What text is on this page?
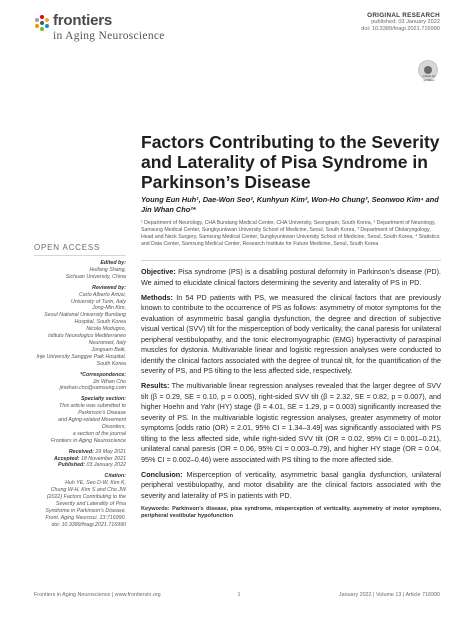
frontiers
in Aging Neuroscience
ORIGINAL RESEARCH
published: 03 January 2022
doi: 10.3389/fnagi.2021.716990
Check for updates
Factors Contributing to the Severity and Laterality of Pisa Syndrome in Parkinson’s Disease
Young Eun Huh¹, Dae-Won Seo², Kunhyun Kim², Won-Ho Chung³, Seonwoo Kim⁴ and Jin Whan Cho²*
¹ Department of Neurology, CHA Bundang Medical Center, CHA University, Seongnam, South Korea, ² Department of Neurology, Samsung Medical Center, Sungkyunkwan University School of Medicine, Seoul, South Korea, ³ Department of Otolaryngology, Head and Neck Surgery, Samsung Medical Center, Sungkyunkwan University School of Medicine, Seoul, South Korea, ⁴ Statistics and Data Center, Samsung Medical Center, Research Institute for Future Medicine, Seoul, South Korea
OPEN ACCESS
Edited by:
Huifang Shang,
Sichuan University, China
Reviewed by:
Carlo Alberto Artusi,
University of Turin, Italy
Jong-Min Kim,
Seoul National University Bundang
Hospital, South Korea
Nicola Modugno,
Istituto Neurologico Mediterraneo
Neuromed, Italy
Jongsam Baik,
Inje University Sanggye Paik Hospital,
South Korea
*Correspondence:
Jin Whan Cho
jinwhan.cho@samsung.com
Specialty section:
This article was submitted to
Parkinson’s Disease
and Aging-related Movement
Disorders,
a section of the journal
Frontiers in Aging Neuroscience
Received: 29 May 2021
Accepted: 18 November 2021
Published: 03 January 2022
Citation:
Huh YE, Seo D-W, Kim K,
Chung W-H, Kim S and Cho JW
(2022) Factors Contributing to the
Severity and Laterality of Pisa
Syndrome in Parkinson’s Disease.
Front. Aging Neurosci. 13:716990.
doi: 10.3389/fnagi.2021.716990

Objective: Pisa syndrome (PS) is a disabling postural deformity in Parkinson’s disease (PD). We aimed to elucidate clinical factors determining the severity and laterality of PS in PD.

Methods: In 54 PD patients with PS, we measured the clinical factors that are previously known to contribute to the occurrence of PS as follows: asymmetry of motor symptoms for the evaluation of asymmetric basal ganglia dysfunction, the degree and direction of subjective visual vertical (SVV) tilt for the misperception of body verticality, the canal paresis for unilateral peripheral vestibulopathy, and the tonic electromyographic (EMG) hyperactivity of paraspinal muscles for dystonia. Multivariable linear and logistic regression analyses were conducted to identify the clinical factors associated with the degree of truncal tilt, for the quantification of the severity of PS, and PS tilting to the less affected side, respectively.

Results: The multivariable linear regression analyses revealed that the larger degree of SVV tilt (β = 0.29, SE = 0.10, p = 0.005), right-sided SVV tilt (β = 2.32, SE = 0.82, p = 0.007), and higher Hoehn and Yahr (HY) stage (β = 4.01, SE = 1.29, p = 0.003) significantly increased the severity of PS. In the multivariable logistic regression analyses, greater asymmetry of motor symptoms [odds ratio (OR) = 2.01, 95% CI = 1.34–3.49] was significantly associated with PS tilting to the less affected side, while right-sided SVV tilt (OR = 0.02, 95% CI = 0.001–0.21), unilateral canal paresis (OR = 0.06, 95% CI = 0.003–0.79), and higher HY stage (OR = 0.04, 95% CI = 0.002–0.46) were associated with PS tilting to the more affected side.

Conclusion: Misperception of verticality, asymmetric basal ganglia dysfunction, unilateral peripheral vestibulopathy, and motor disability are the clinical factors associated with the severity and laterality of PS in patients with PD.

Keywords: Parkinson’s disease, pisa syndrome, misperception of verticality, asymmetry of motor symptoms, peripheral vestibular hypofunction
Frontiers in Aging Neuroscience | www.frontiersin.org	1	January 2022 | Volume 13 | Article 716990
